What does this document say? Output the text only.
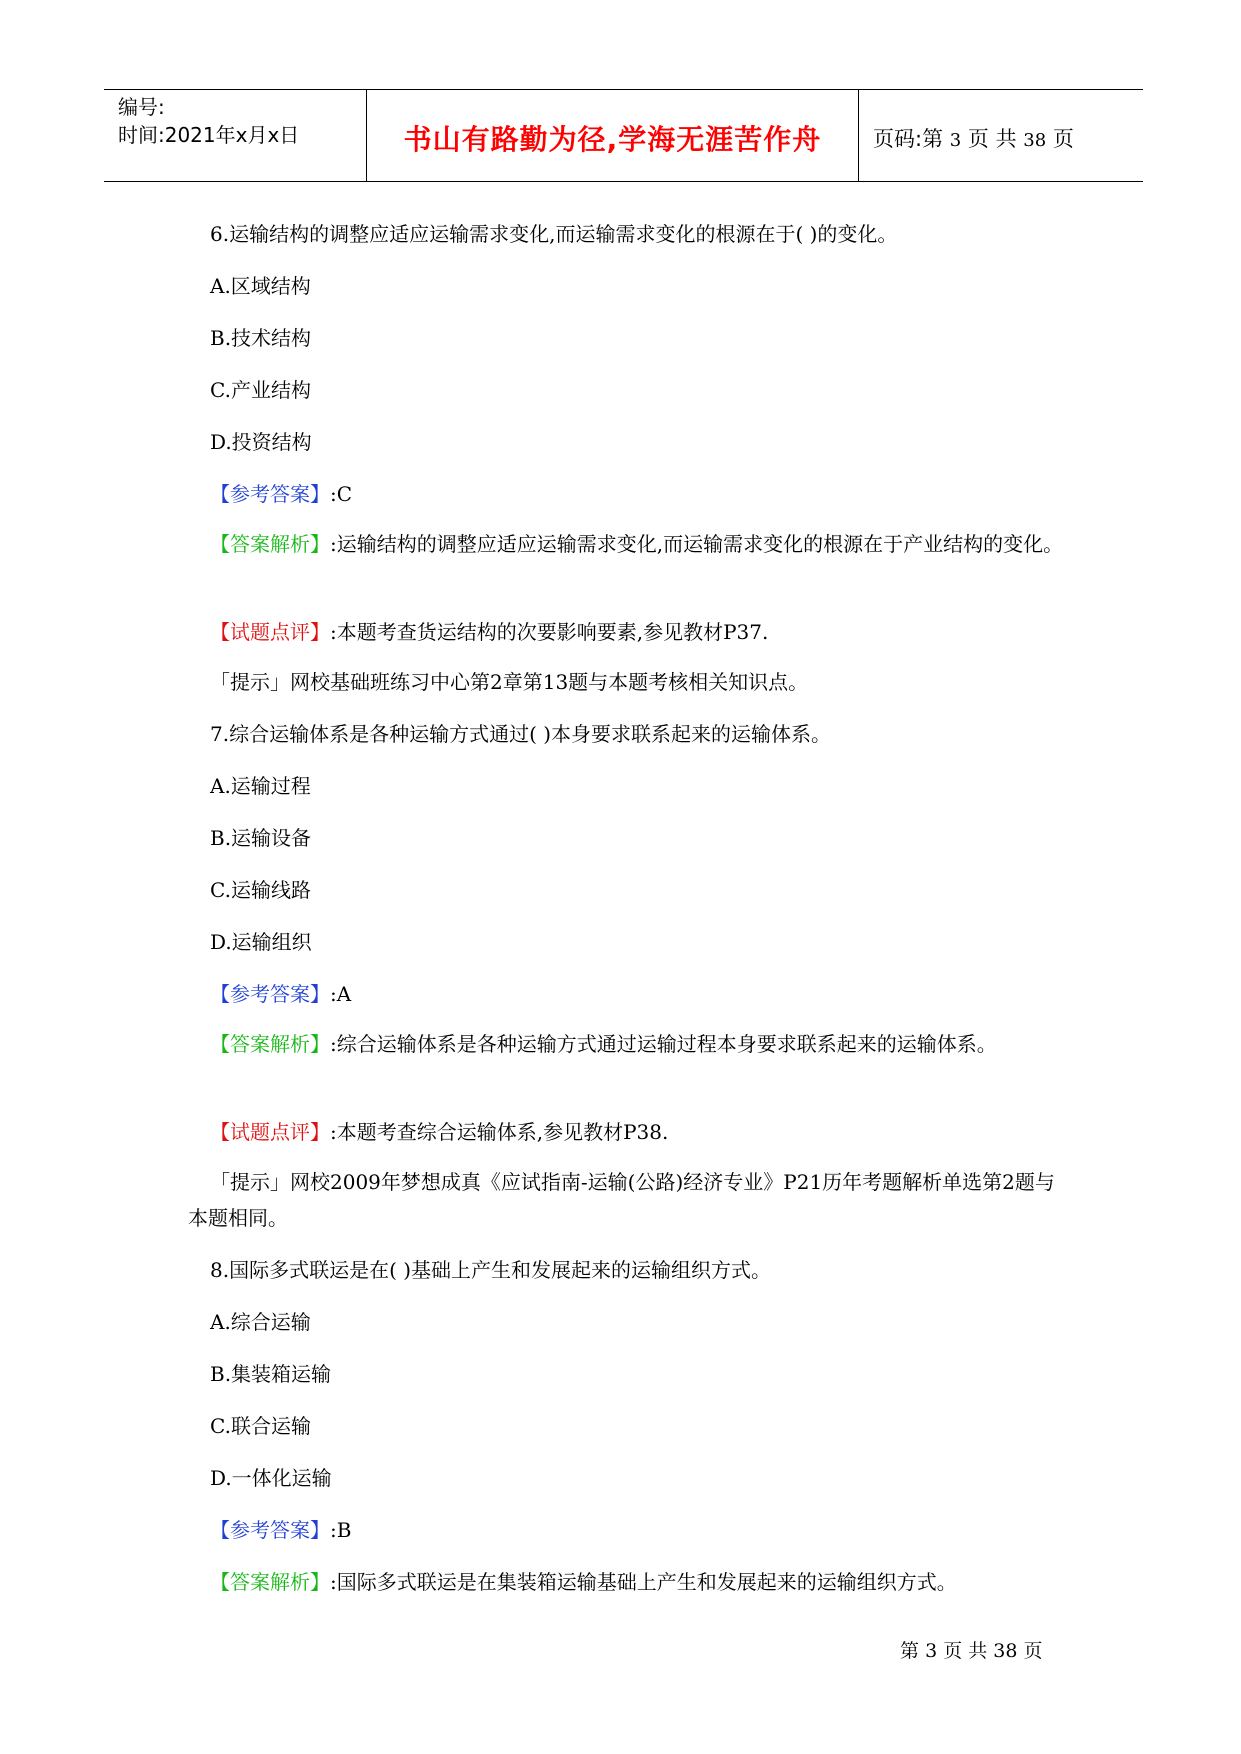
编号:
时间:2021年x月x日	书山有路勤为径,学海无涯苦作舟	页码:第 3 页 共 38 页
6.运输结构的调整应适应运输需求变化,而运输需求变化的根源在于( )的变化。
A.区域结构
B.技术结构
C.产业结构
D.投资结构
【参考答案】:C
【答案解析】:运输结构的调整应适应运输需求变化,而运输需求变化的根源在于产业结构的变化。
【试题点评】:本题考查货运结构的次要影响要素,参见教材P37.
「提示」网校基础班练习中心第2章第13题与本题考核相关知识点。
7.综合运输体系是各种运输方式通过( )本身要求联系起来的运输体系。
A.运输过程
B.运输设备
C.运输线路
D.运输组织
【参考答案】:A
【答案解析】:综合运输体系是各种运输方式通过运输过程本身要求联系起来的运输体系。
【试题点评】:本题考查综合运输体系,参见教材P38.
「提示」网校2009年梦想成真《应试指南-运输(公路)经济专业》P21历年考题解析单选第2题与本题相同。
8.国际多式联运是在( )基础上产生和发展起来的运输组织方式。
A.综合运输
B.集装箱运输
C.联合运输
D.一体化运输
【参考答案】:B
【答案解析】:国际多式联运是在集装箱运输基础上产生和发展起来的运输组织方式。
第 3 页 共 38 页
